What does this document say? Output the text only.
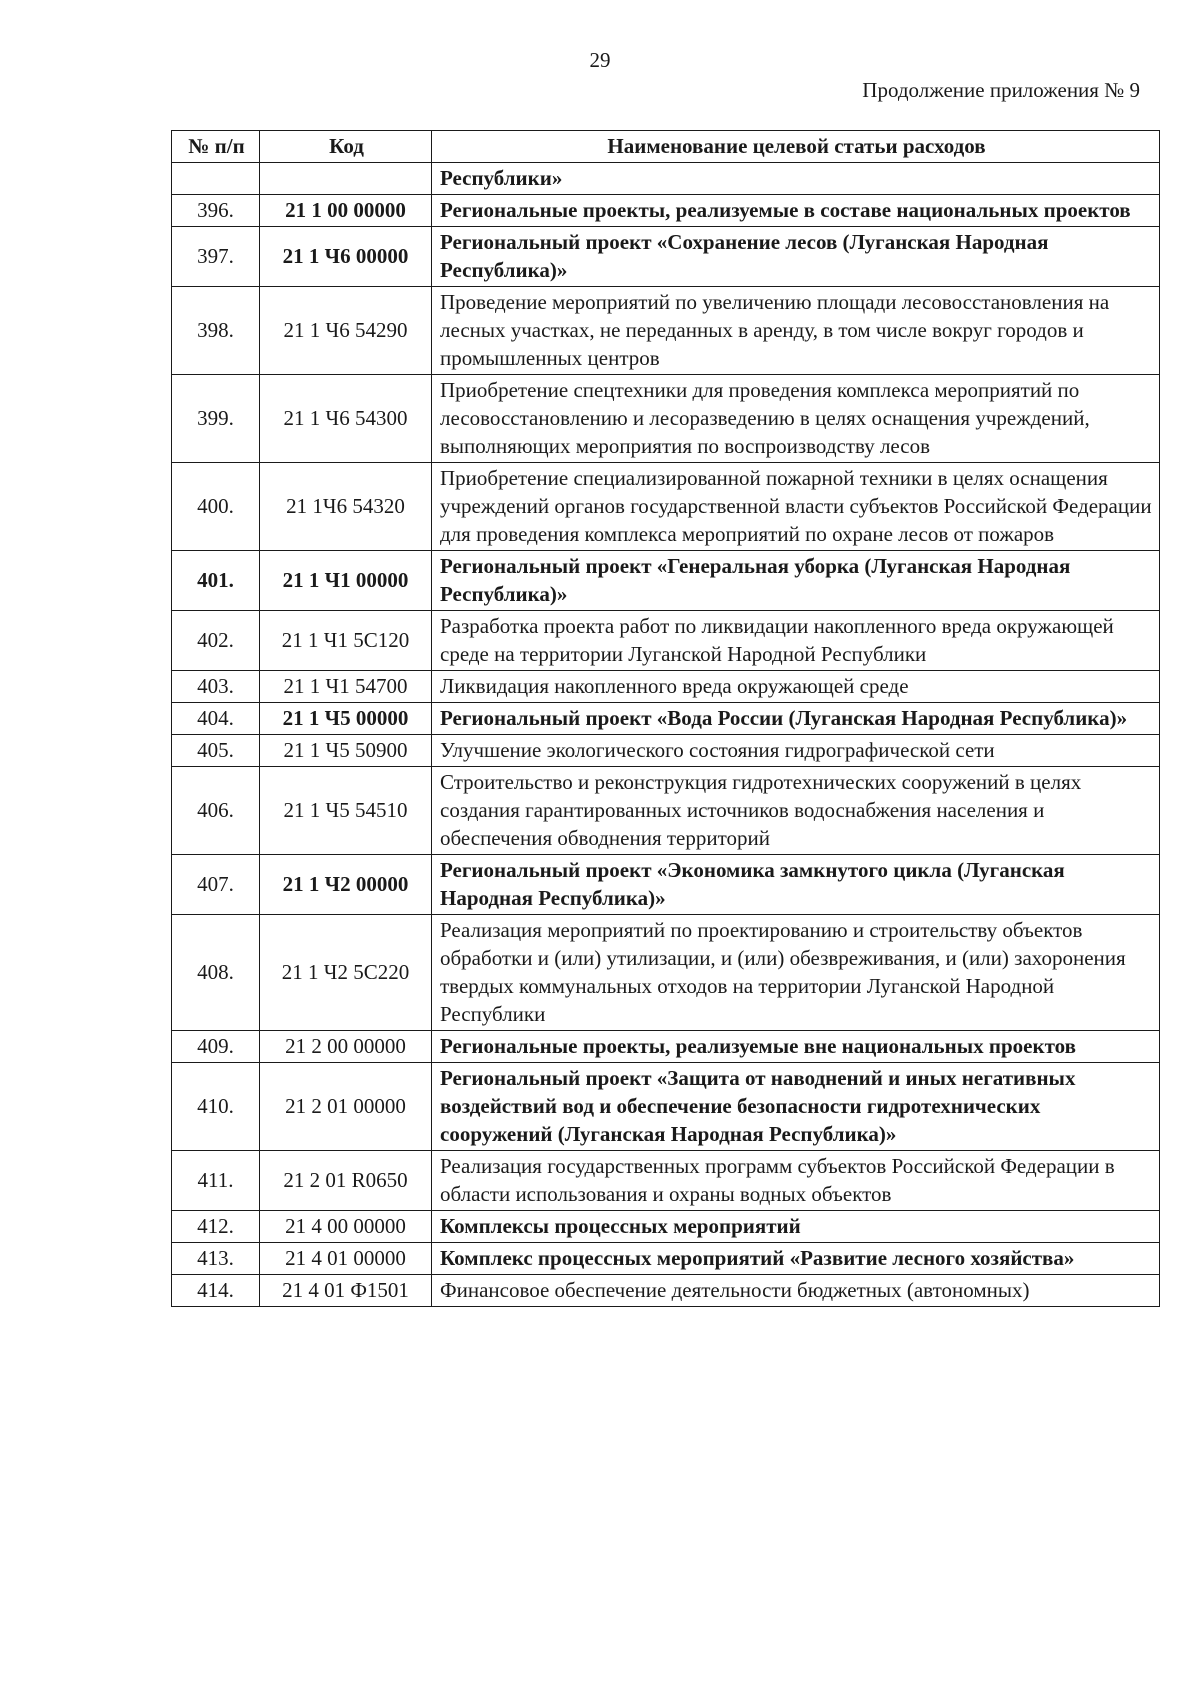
29
Продолжение приложения № 9
№ п/п	Код	Наименование целевой статьи расходов
		Республики»
396.	21 1 00 00000	Региональные проекты, реализуемые в составе национальных проектов
397.	21 1 Ч6 00000	Региональный проект «Сохранение лесов (Луганская Народная Республика)»
398.	21 1 Ч6 54290	Проведение мероприятий по увеличению площади лесовосстановления на лесных участках, не переданных в аренду, в том числе вокруг городов и промышленных центров
399.	21 1 Ч6 54300	Приобретение спецтехники для проведения комплекса мероприятий по лесовосстановлению и лесоразведению в целях оснащения учреждений, выполняющих мероприятия по воспроизводству лесов
400.	21 1Ч6 54320	Приобретение специализированной пожарной техники в целях оснащения учреждений органов государственной власти субъектов Российской Федерации для проведения комплекса мероприятий по охране лесов от пожаров
401.	21 1 Ч1 00000	Региональный проект «Генеральная уборка (Луганская Народная Республика)»
402.	21 1 Ч1 5С120	Разработка проекта работ по ликвидации накопленного вреда окружающей среде на территории Луганской Народной Республики
403.	21 1 Ч1 54700	Ликвидация накопленного вреда окружающей среде
404.	21 1 Ч5 00000	Региональный проект «Вода России (Луганская Народная Республика)»
405.	21 1 Ч5 50900	Улучшение экологического состояния гидрографической сети
406.	21 1 Ч5 54510	Строительство и реконструкция гидротехнических сооружений в целях создания гарантированных источников водоснабжения населения и обеспечения обводнения территорий
407.	21 1 Ч2 00000	Региональный проект «Экономика замкнутого цикла (Луганская Народная Республика)»
408.	21 1 Ч2 5С220	Реализация мероприятий по проектированию и строительству объектов обработки и (или) утилизации, и (или) обезвреживания, и (или) захоронения твердых коммунальных отходов на территории Луганской Народной Республики
409.	21 2 00 00000	Региональные проекты, реализуемые вне национальных проектов
410.	21 2 01 00000	Региональный проект «Защита от наводнений и иных негативных воздействий вод и обеспечение безопасности гидротехнических сооружений (Луганская Народная Республика)»
411.	21 2 01 R0650	Реализация государственных программ субъектов Российской Федерации в области использования и охраны водных объектов
412.	21 4 00 00000	Комплексы процессных мероприятий
413.	21 4 01 00000	Комплекс процессных мероприятий «Развитие лесного хозяйства»
414.	21 4 01 Ф1501	Финансовое обеспечение деятельности бюджетных (автономных)
